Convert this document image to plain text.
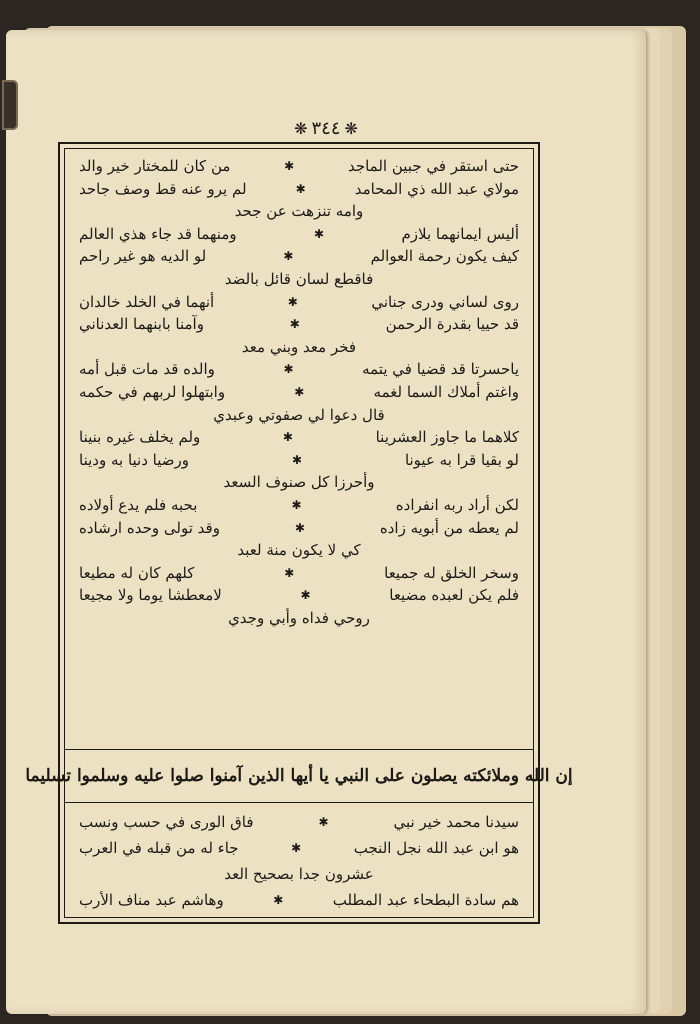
❋ ٣٤٤ ❋
حتى استقر في جبين الماجد
✱
من كان للمختار خير والد
مولاي عبد الله ذي المحامد
✱
لم يرو عنه قط وصف جاحد
وامه تنزهت عن جحد
أليس ايمانهما بلازم
✱
ومنهما قد جاء هذي العالم
كيف يكون رحمة العوالم
✱
لو الديه هو غير راحم
فاقطع لسان قائل بالضد
روى لساني ودرى جناني
✱
أنهما في الخلد خالدان
قد حييا بقدرة الرحمن
✱
وآمنا بابنهما العدناني
فخر معد وبني معد
ياحسرتا قد قضيا في يتمه
✱
والده قد مات قبل أمه
واغتم أملاك السما لغمه
✱
وابتهلوا لربهم في حكمه
قال دعوا لي صفوتي وعبدي
كلاهما ما جاوز العشرينا
✱
ولم يخلف غيره بنينا
لو بقيا قرا به عيونا
✱
ورضيا دنيا به ودينا
وأحرزا كل صنوف السعد
لكن أراد ربه انفراده
✱
بحبه فلم يدع أولاده
لم يعطه من أبويه زاده
✱
وقد تولى وحده ارشاده
كي لا يكون منة لعبد
وسخر الخلق له جميعا
✱
كلهم كان له مطيعا
فلم يكن لعبده مضيعا
✱
لامعطشا يوما ولا مجيعا
روحي فداه وأبي وجدي
إن الله وملائكته يصلون على النبي يا أيها الذين آمنوا صلوا عليه وسلموا تسليما
سيدنا محمد خير نبي
✱
فاق الورى في حسب ونسب
هو ابن عبد الله نجل النجب
✱
جاء له من قبله في العرب
عشرون جدا بصحيح العد
هم سادة البطحاء عبد المطلب
✱
وهاشم عبد مناف الأرب
